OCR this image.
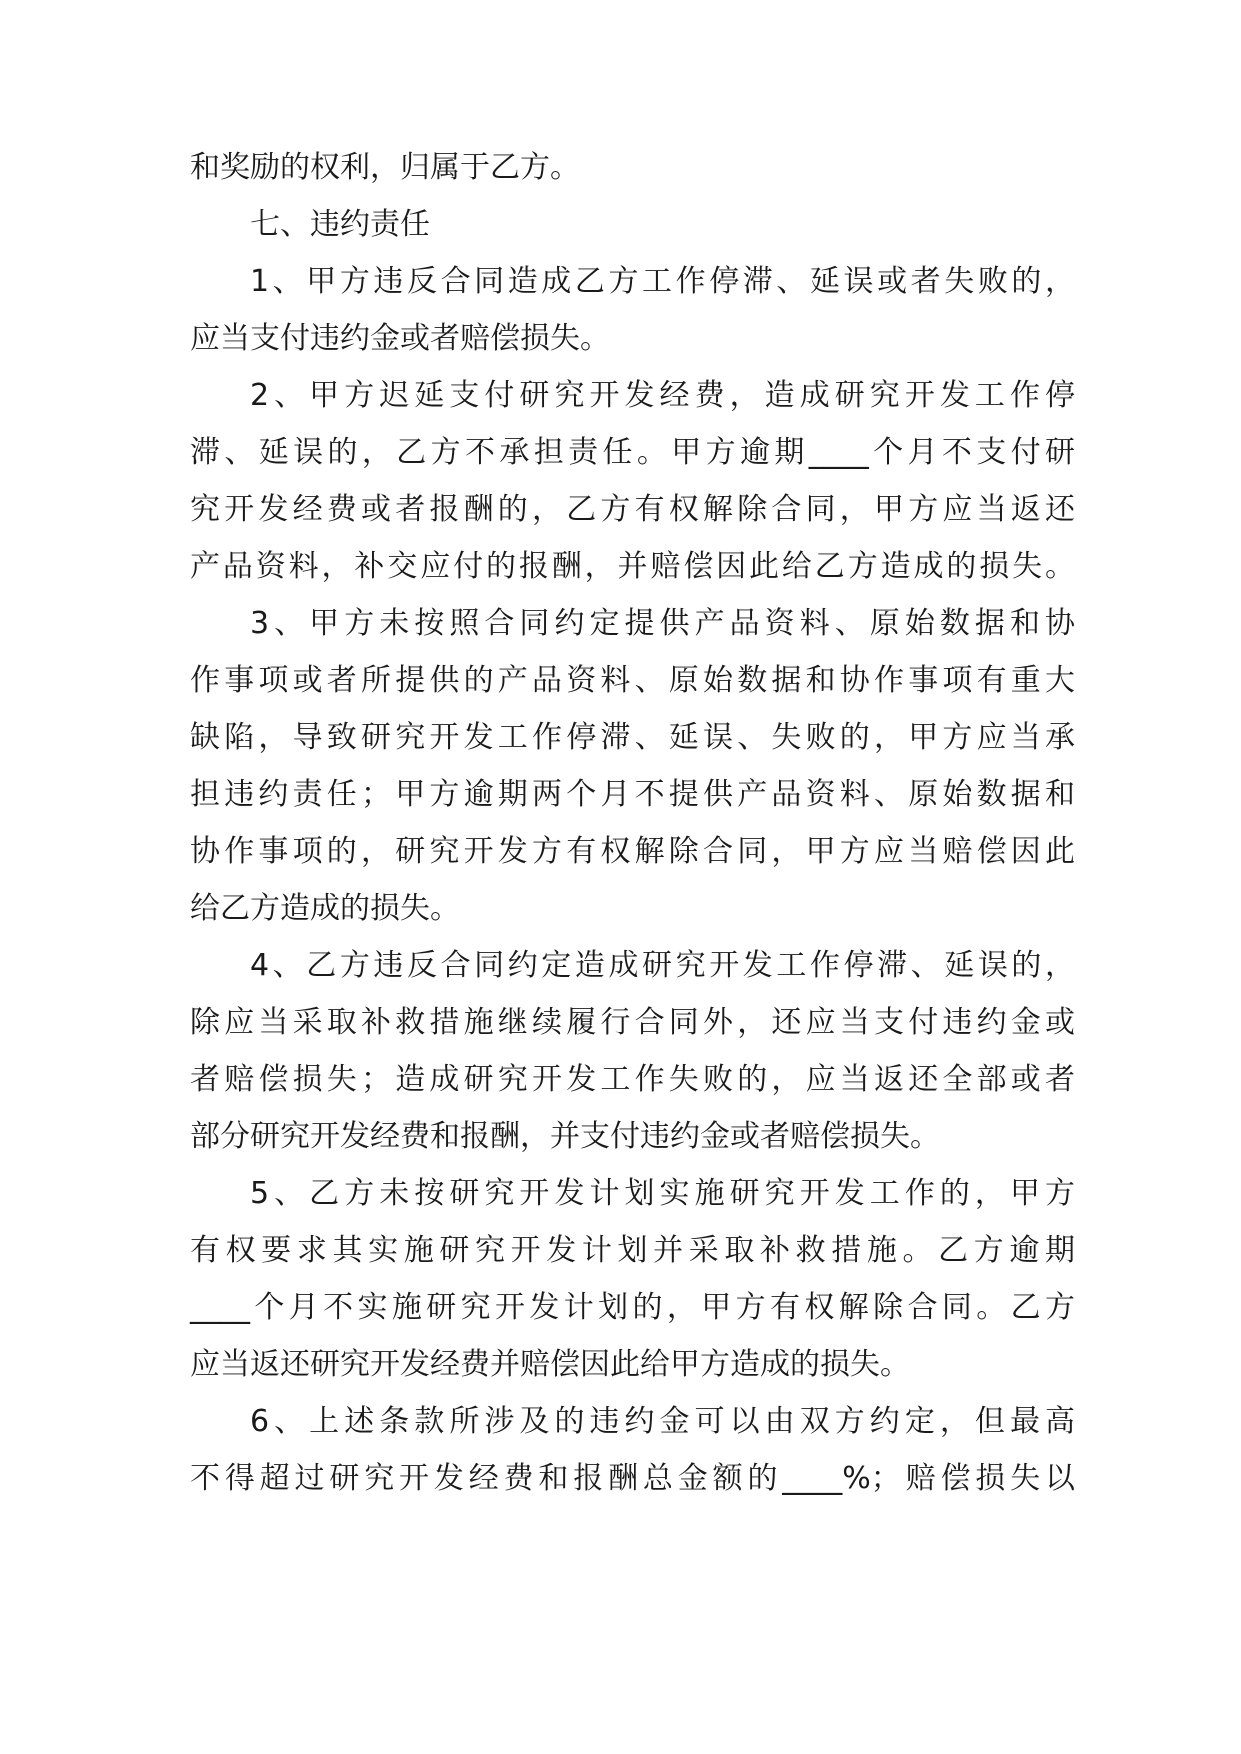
和奖励的权利，归属于乙方。

七、违约责任

1、甲方违反合同造成乙方工作停滞、延误或者失败的，

应当支付违约金或者赔偿损失。

2、甲方迟延支付研究开发经费，造成研究开发工作停

滞、延误的，乙方不承担责任。甲方逾期____个月不支付研

究开发经费或者报酬的，乙方有权解除合同，甲方应当返还

产品资料，补交应付的报酬，并赔偿因此给乙方造成的损失。

3、甲方未按照合同约定提供产品资料、原始数据和协

作事项或者所提供的产品资料、原始数据和协作事项有重大

缺陷，导致研究开发工作停滞、延误、失败的，甲方应当承

担违约责任；甲方逾期两个月不提供产品资料、原始数据和

协作事项的，研究开发方有权解除合同，甲方应当赔偿因此

给乙方造成的损失。

4、乙方违反合同约定造成研究开发工作停滞、延误的，

除应当采取补救措施继续履行合同外，还应当支付违约金或

者赔偿损失；造成研究开发工作失败的，应当返还全部或者

部分研究开发经费和报酬，并支付违约金或者赔偿损失。

5、乙方未按研究开发计划实施研究开发工作的，甲方

有权要求其实施研究开发计划并采取补救措施。乙方逾期

____个月不实施研究开发计划的，甲方有权解除合同。乙方

应当返还研究开发经费并赔偿因此给甲方造成的损失。

6、上述条款所涉及的违约金可以由双方约定，但最高

不得超过研究开发经费和报酬总金额的____%；赔偿损失以
